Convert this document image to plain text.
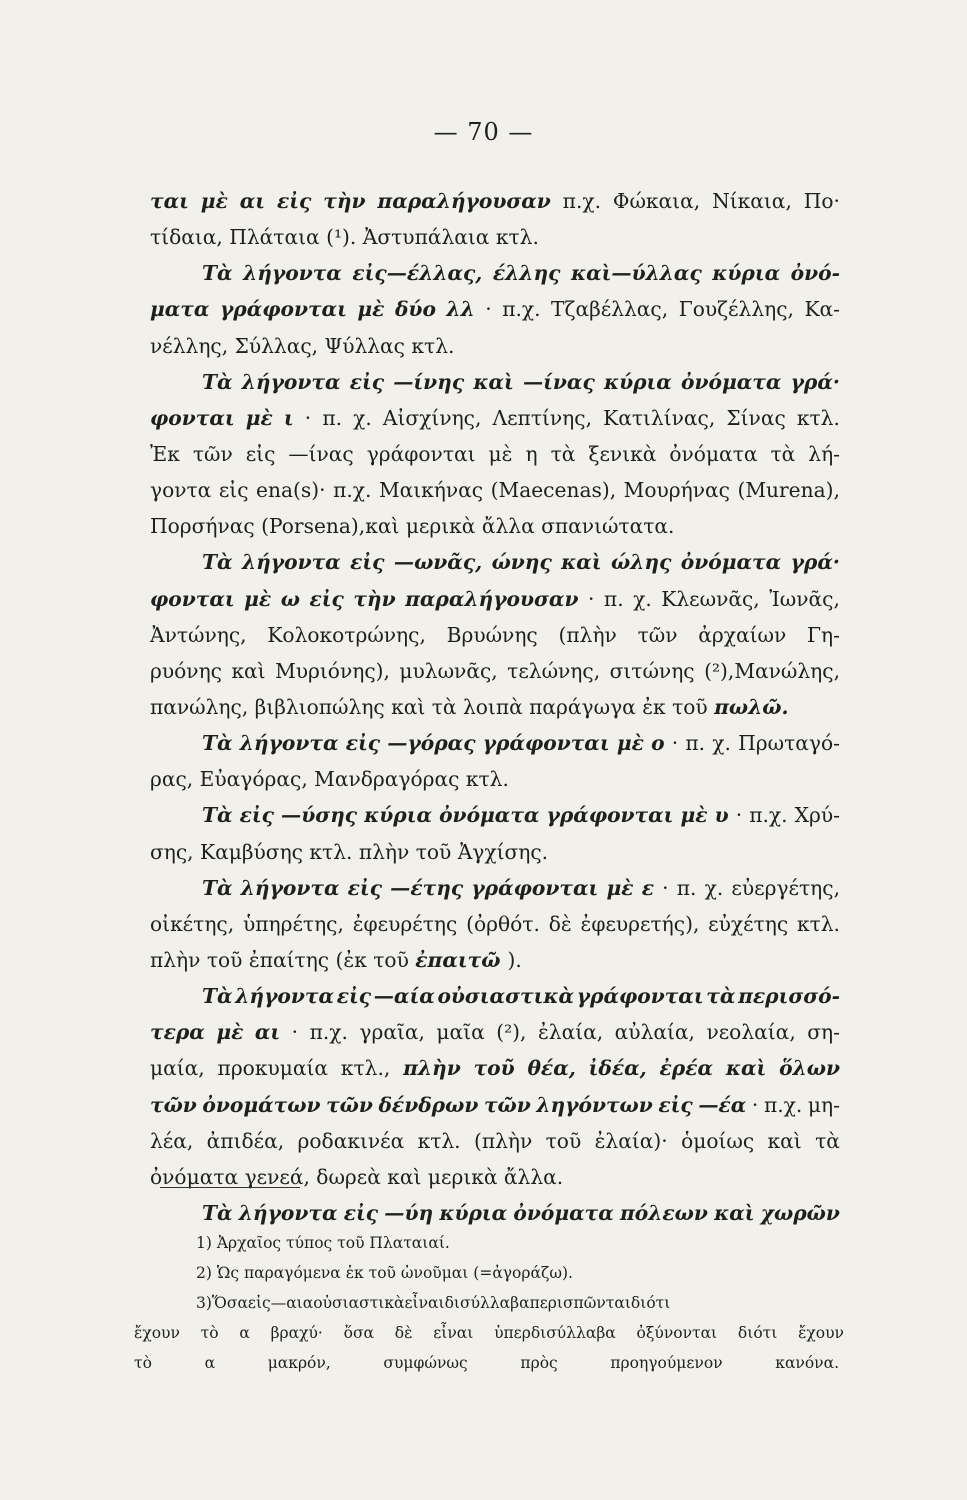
— 70 —
ται μὲ αι εἰς τὴν παραλήγουσαν π.χ. Φώκαια, Νίκαια, Πο·
τίδαια, Πλάταια (¹). Ἀστυπάλαια κτλ.
Τὰ λήγοντα εἰς—έλλας, έλλης καὶ—ύλλας κύρια ὀνό-
ματα γράφονται μὲ δύο λλ · π.χ. Τζαβέλλας, Γουζέλλης, Κα-
νέλλης, Σύλλας, Ψύλλας κτλ.
Τὰ λήγοντα εἰς —ίνης καὶ —ίνας κύρια ὀνόματα γρά·
φονται μὲ ι · π. χ. Αἰσχίνης, Λεπτίνης, Κατιλίνας, Σίνας κτλ.
Ἐκ τῶν εἰς —ίνας γράφονται μὲ η τὰ ξενικὰ ὀνόματα τὰ λή-
γοντα εἰς ena(s)· π.χ. Μαικήνας (Maecenas), Μουρήνας (Murena),
Πορσήνας (Porsena),καὶ μερικὰ ἄλλα σπανιώτατα.
Τὰ λήγοντα εἰς —ωνᾶς, ώνης καὶ ώλης ὀνόματα γρά·
φονται μὲ ω εἰς τὴν παραλήγουσαν · π. χ. Κλεωνᾶς, Ἰωνᾶς,
Ἀντώνης, Κολοκοτρώνης, Βρυώνης (πλὴν τῶν ἀρχαίων Γη-
ρυόνης καὶ Μυριόνης), μυλωνᾶς, τελώνης, σιτώνης (²),Μανώλης,
πανώλης, βιβλιοπώλης καὶ τὰ λοιπὰ παράγωγα ἐκ τοῦ πωλῶ.
Τὰ λήγοντα εἰς —γόρας γράφονται μὲ ο · π. χ. Πρωταγό-
ρας, Εὐαγόρας, Μανδραγόρας κτλ.
Τὰ εἰς —ύσης κύρια ὀνόματα γράφονται μὲ υ · π.χ. Χρύ-
σης, Καμβύσης κτλ. πλὴν τοῦ Ἀγχίσης.
Τὰ λήγοντα εἰς —έτης γράφονται μὲ ε · π. χ. εὐεργέτης,
οἰκέτης, ὑπηρέτης, ἐφευρέτης (ὀρθότ. δὲ ἐφευρετής), εὐχέτης κτλ.
πλὴν τοῦ ἐπαίτης (ἐκ τοῦ ἐπαιτῶ ).
Τὰ λήγοντα εἰς —αία οὐσιαστικὰ γράφονται τὰ περισσό-
τερα μὲ αι · π.χ. γραῖα, μαῖα (²), ἐλαία, αὐλαία, νεολαία, ση-
μαία, προκυμαία κτλ., πλὴν τοῦ θέα, ἰδέα, ἐρέα καὶ ὅλων
τῶν ὀνομάτων τῶν δένδρων τῶν ληγόντων εἰς —έα · π.χ. μη-
λέα, ἀπιδέα, ροδακινέα κτλ. (πλὴν τοῦ ἐλαία)· ὁμοίως καὶ τὰ
ὀνόματα γενεά, δωρεὰ καὶ μερικὰ ἄλλα.
Τὰ λήγοντα εἰς —ύη κύρια ὀνόματα πόλεων καὶ χωρῶν
1) Ἀρχαῖος τύπος τοῦ Πλαταιαί.
2) Ὡς παραγόμενα ἐκ τοῦ ὠνοῦμαι (=ἀγοράζω).
3) Ὅσα εἰς —αια οὐσιαστικὰ εἶναι δισύλλαβα περισπῶνται διότι
ἔχουν τὸ α βραχύ· ὅσα δὲ εἶναι ὑπερδισύλλαβα ὀξύνονται διότι ἔχουν
τὸ	α	μακρόν,	συμφώνως	πρὸς	προηγούμενον	κανόνα.
